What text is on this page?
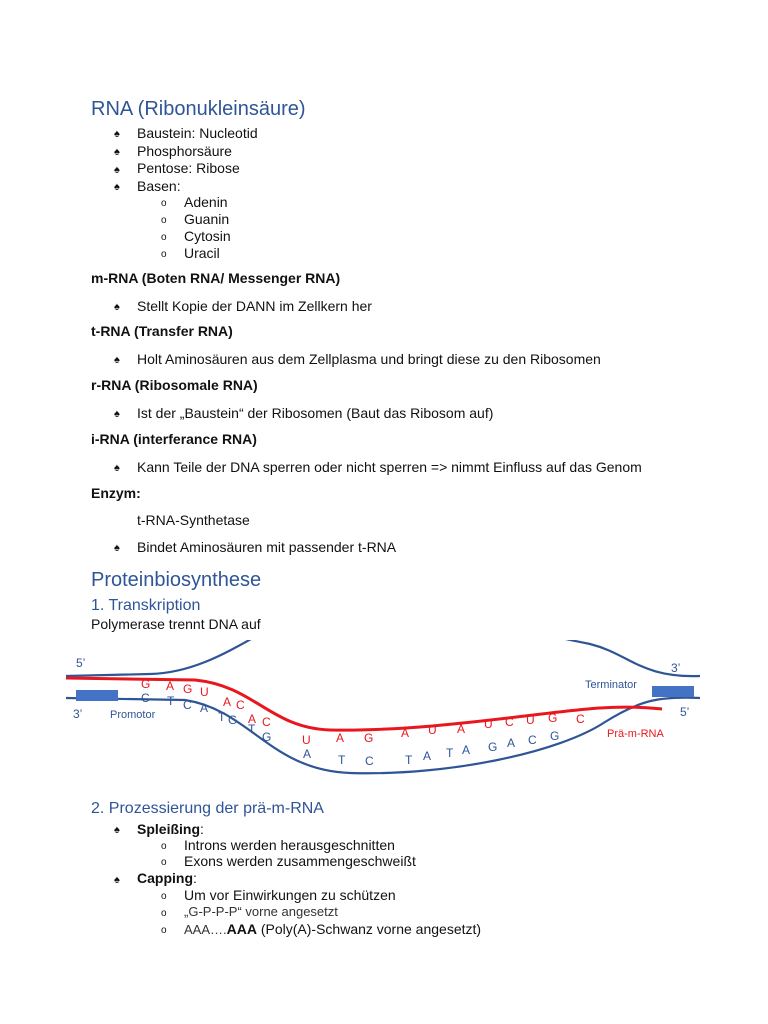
RNA (Ribonukleinsäure)
♠ Baustein: Nucleotid
♠ Phosphorsäure
♠ Pentose: Ribose
♠ Basen:
o Adenin
o Guanin
o Cytosin
o Uracil
m-RNA (Boten RNA/ Messenger RNA)
♠ Stellt Kopie der DANN im Zellkern her
t-RNA (Transfer RNA)
♠ Holt Aminosäuren aus dem Zellplasma und bringt diese zu den Ribosomen
r-RNA (Ribosomale RNA)
♠ Ist der „Baustein“ der Ribosomen (Baut das Ribosom auf)
i-RNA (interferance RNA)
♠ Kann Teile der DNA sperren oder nicht sperren => nimmt Einfluss auf das Genom
Enzym:
t-RNA-Synthetase
♠ Bindet Aminosäuren mit passender t-RNA
Proteinbiosynthese
1. Transkription
Polymerase trennt DNA auf
5’
3’
3’
5’
Promotor
Terminator
Prä-m-RNA
G A G U
A C
A C
U A G A U A U C U G C
C T C A
T G
T
G
A T C	T A T A G A C G
2. Prozessierung der prä-m-RNA
♠ Spleißing:
o Introns werden herausgeschnitten
o Exons werden zusammengeschweißt
♠ Capping:
o Um vor Einwirkungen zu schützen
o „G-P-P-P“ vorne angesetzt
o AAA….AAA (Poly(A)-Schwanz vorne angesetzt)
